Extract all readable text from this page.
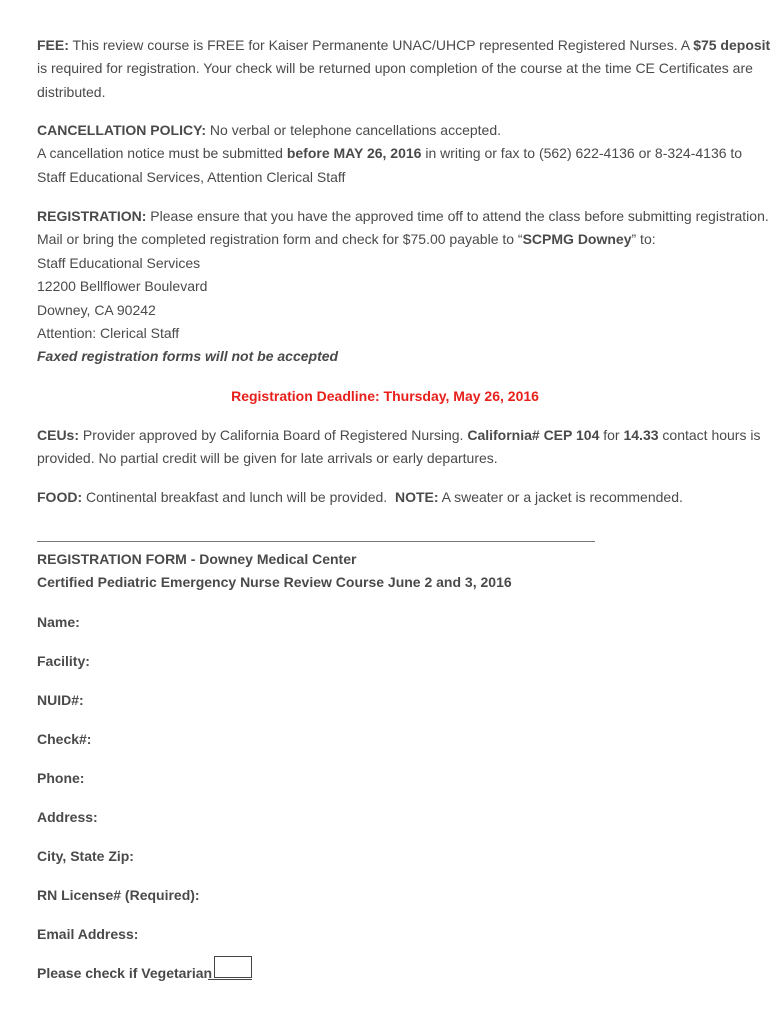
FEE: This review course is FREE for Kaiser Permanente UNAC/UHCP represented Registered Nurses. A $75 deposit
is required for registration. Your check will be returned upon completion of the course at the time CE Certificates are
distributed.
CANCELLATION POLICY: No verbal or telephone cancellations accepted.
A cancellation notice must be submitted before MAY 26, 2016 in writing or fax to (562) 622-4136 or 8-324-4136 to
Staff Educational Services, Attention Clerical Staff
REGISTRATION: Please ensure that you have the approved time off to attend the class before submitting registration.
Mail or bring the completed registration form and check for $75.00 payable to “SCPMG Downey” to:
Staff Educational Services
12200 Bellflower Boulevard
Downey, CA 90242
Attention: Clerical Staff
Faxed registration forms will not be accepted
Registration Deadline: Thursday, May 26, 2016
CEUs: Provider approved by California Board of Registered Nursing. California# CEP 104 for 14.33 contact hours is
provided. No partial credit will be given for late arrivals or early departures.
FOOD: Continental breakfast and lunch will be provided.  NOTE: A sweater or a jacket is recommended.
REGISTRATION FORM - Downey Medical Center
Certified Pediatric Emergency Nurse Review Course June 2 and 3, 2016
Name:
Facility:
NUID#:
Check#:
Phone:
Address:
City, State Zip:
RN License# (Required):
Email Address:
Please check if Vegetarian
